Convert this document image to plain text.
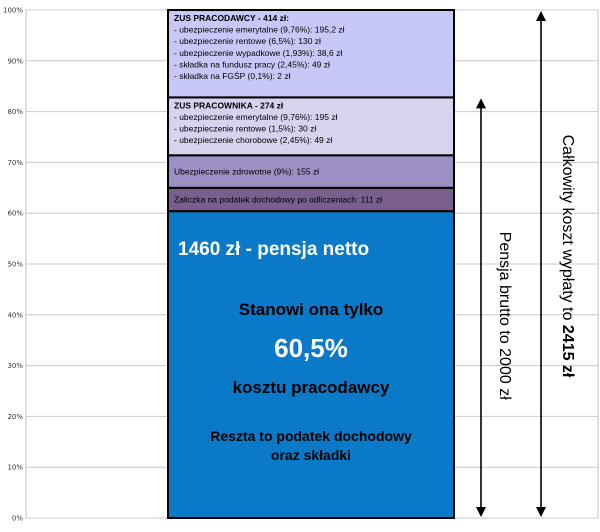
0%
10%
20%
30%
40%
50%
60%
70%
80%
90%
100%
1460 zł - pensja netto
Stanowi ona tylko
60,5%
kosztu pracodawcy
Reszta to podatek dochodowy
oraz składki
Zaliczka na podatek dochodowy po odliczeniach: 111 zł
Ubezpieczenie zdrowotne (9%): 155 zł
ZUS PRACOWNIKA - 274 zł
- ubezpieczenie emerytalne (9,76%): 195 zł
- ubezpieczenie rentowe (1,5%): 30 zł
- ubezpieczenie chorobowe (2,45%): 49 zł
ZUS PRACODAWCY - 414 zł:
- ubezpieczenie emerytalne (9,76%): 195,2 zł
- ubezpieczenie rentowe (6,5%): 130 zł
- ubezpieczenie wypadkowe (1,93%): 38,6 zł
- składka na fundusz pracy (2,45%): 49 zł
- składka na FGŚP (0,1%): 2 zł
Pensja brutto to 2000 zł	Całkowity koszt wypłaty to 2415 zł
